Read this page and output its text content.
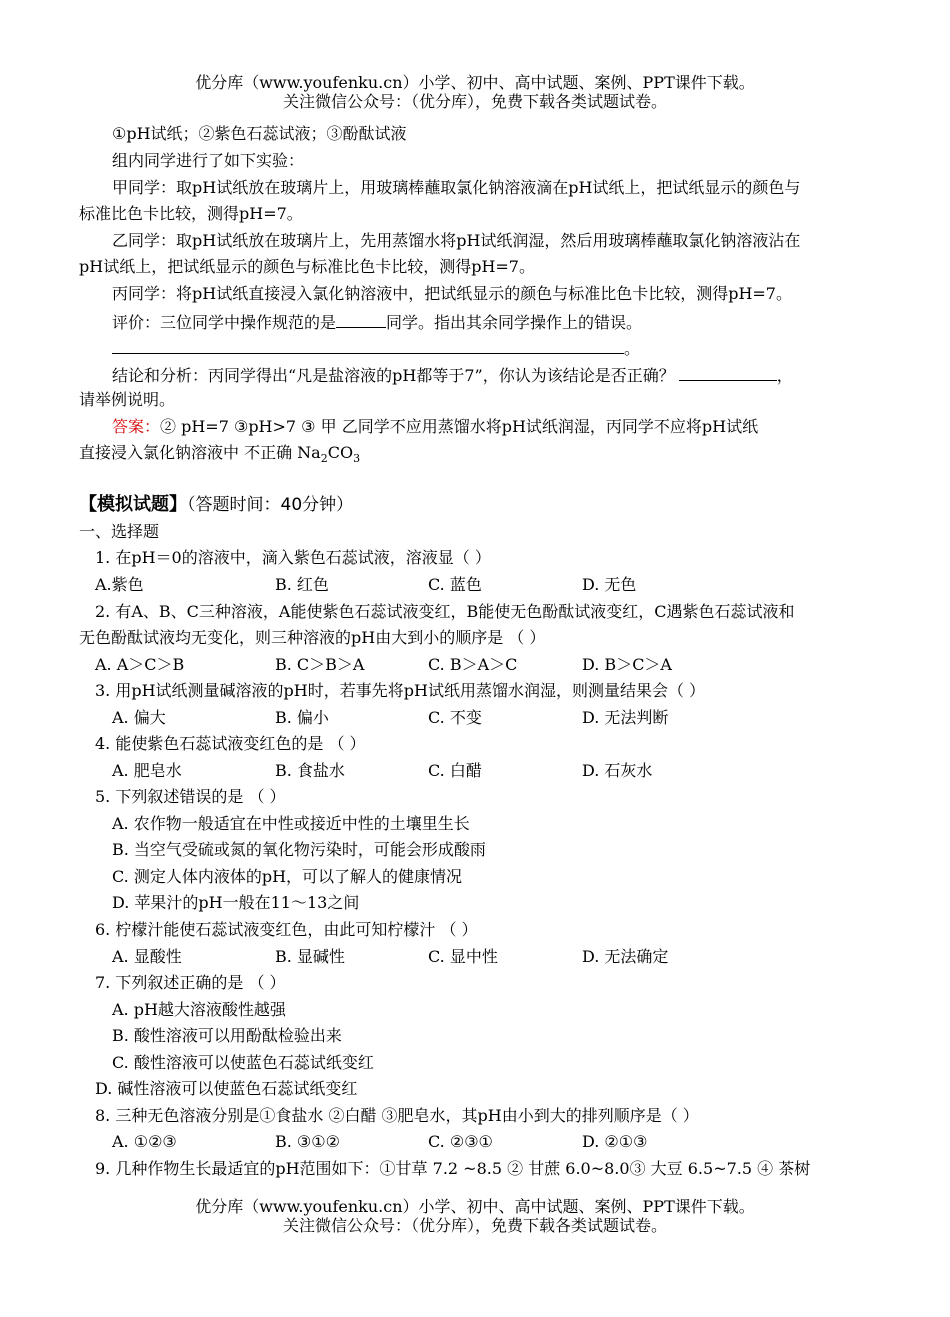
优分库（www.youfenku.cn）小学、初中、高中试题、案例、PPT课件下载。
关注微信公众号：（优分库），免费下载各类试题试卷。
①pH试纸；②紫色石蕊试液；③酚酞试液
组内同学进行了如下实验：
甲同学：取pH试纸放在玻璃片上，用玻璃棒蘸取氯化钠溶液滴在pH试纸上，把试纸显示的颜色与
标准比色卡比较，测得pH=7。
乙同学：取pH试纸放在玻璃片上，先用蒸馏水将pH试纸润湿，然后用玻璃棒蘸取氯化钠溶液沾在
pH试纸上，把试纸显示的颜色与标准比色卡比较，测得pH=7。
丙同学：将pH试纸直接浸入氯化钠溶液中，把试纸显示的颜色与标准比色卡比较，测得pH=7。
评价：三位同学中操作规范的是	同学。指出其余同学操作上的错误。
。
结论和分析：丙同学得出“凡是盐溶液的pH都等于7”，你认为该结论是否正确？	，
请举例说明。
答案：② pH=7 ③pH>7 ③ 甲 乙同学不应用蒸馏水将pH试纸润湿，丙同学不应将pH试纸
直接浸入氯化钠溶液中 不正确 $Na_2CO_3$
【模拟试题】（答题时间：40分钟）
一、选择题
1. 在pH＝0的溶液中，滴入紫色石蕊试液，溶液显（ ）
A.紫色	B. 红色	C. 蓝色	D. 无色
2. 有A、B、C三种溶液，A能使紫色石蕊试液变红，B能使无色酚酞试液变红，C遇紫色石蕊试液和
无色酚酞试液均无变化，则三种溶液的pH由大到小的顺序是 （ ）
A. A＞C＞B	B. C＞B＞A	C. B＞A＞C	D. B＞C＞A
3. 用pH试纸测量碱溶液的pH时，若事先将pH试纸用蒸馏水润湿，则测量结果会（ ）
A. 偏大	B. 偏小	C. 不变	D. 无法判断
4. 能使紫色石蕊试液变红色的是 （ ）
A. 肥皂水	B. 食盐水	C. 白醋	D. 石灰水
5. 下列叙述错误的是 （ ）
A. 农作物一般适宜在中性或接近中性的土壤里生长
B. 当空气受硫或氮的氧化物污染时，可能会形成酸雨
C. 测定人体内液体的pH，可以了解人的健康情况
D. 苹果汁的pH一般在11～13之间
6. 柠檬汁能使石蕊试液变红色，由此可知柠檬汁 （ ）
A. 显酸性	B. 显碱性	C. 显中性	D. 无法确定
7. 下列叙述正确的是 （ ）
A. pH越大溶液酸性越强
B. 酸性溶液可以用酚酞检验出来
C. 酸性溶液可以使蓝色石蕊试纸变红
D. 碱性溶液可以使蓝色石蕊试纸变红
8. 三种无色溶液分别是①食盐水 ②白醋 ③肥皂水，其pH由小到大的排列顺序是（ ）
A. ①②③	B. ③①②	C. ②③①	D. ②①③
9. 几种作物生长最适宜的pH范围如下：①甘草 7.2 ~8.5 ② 甘蔗 6.0~8.0③ 大豆 6.5~7.5 ④ 茶树
优分库（www.youfenku.cn）小学、初中、高中试题、案例、PPT课件下载。
关注微信公众号：（优分库），免费下载各类试题试卷。
